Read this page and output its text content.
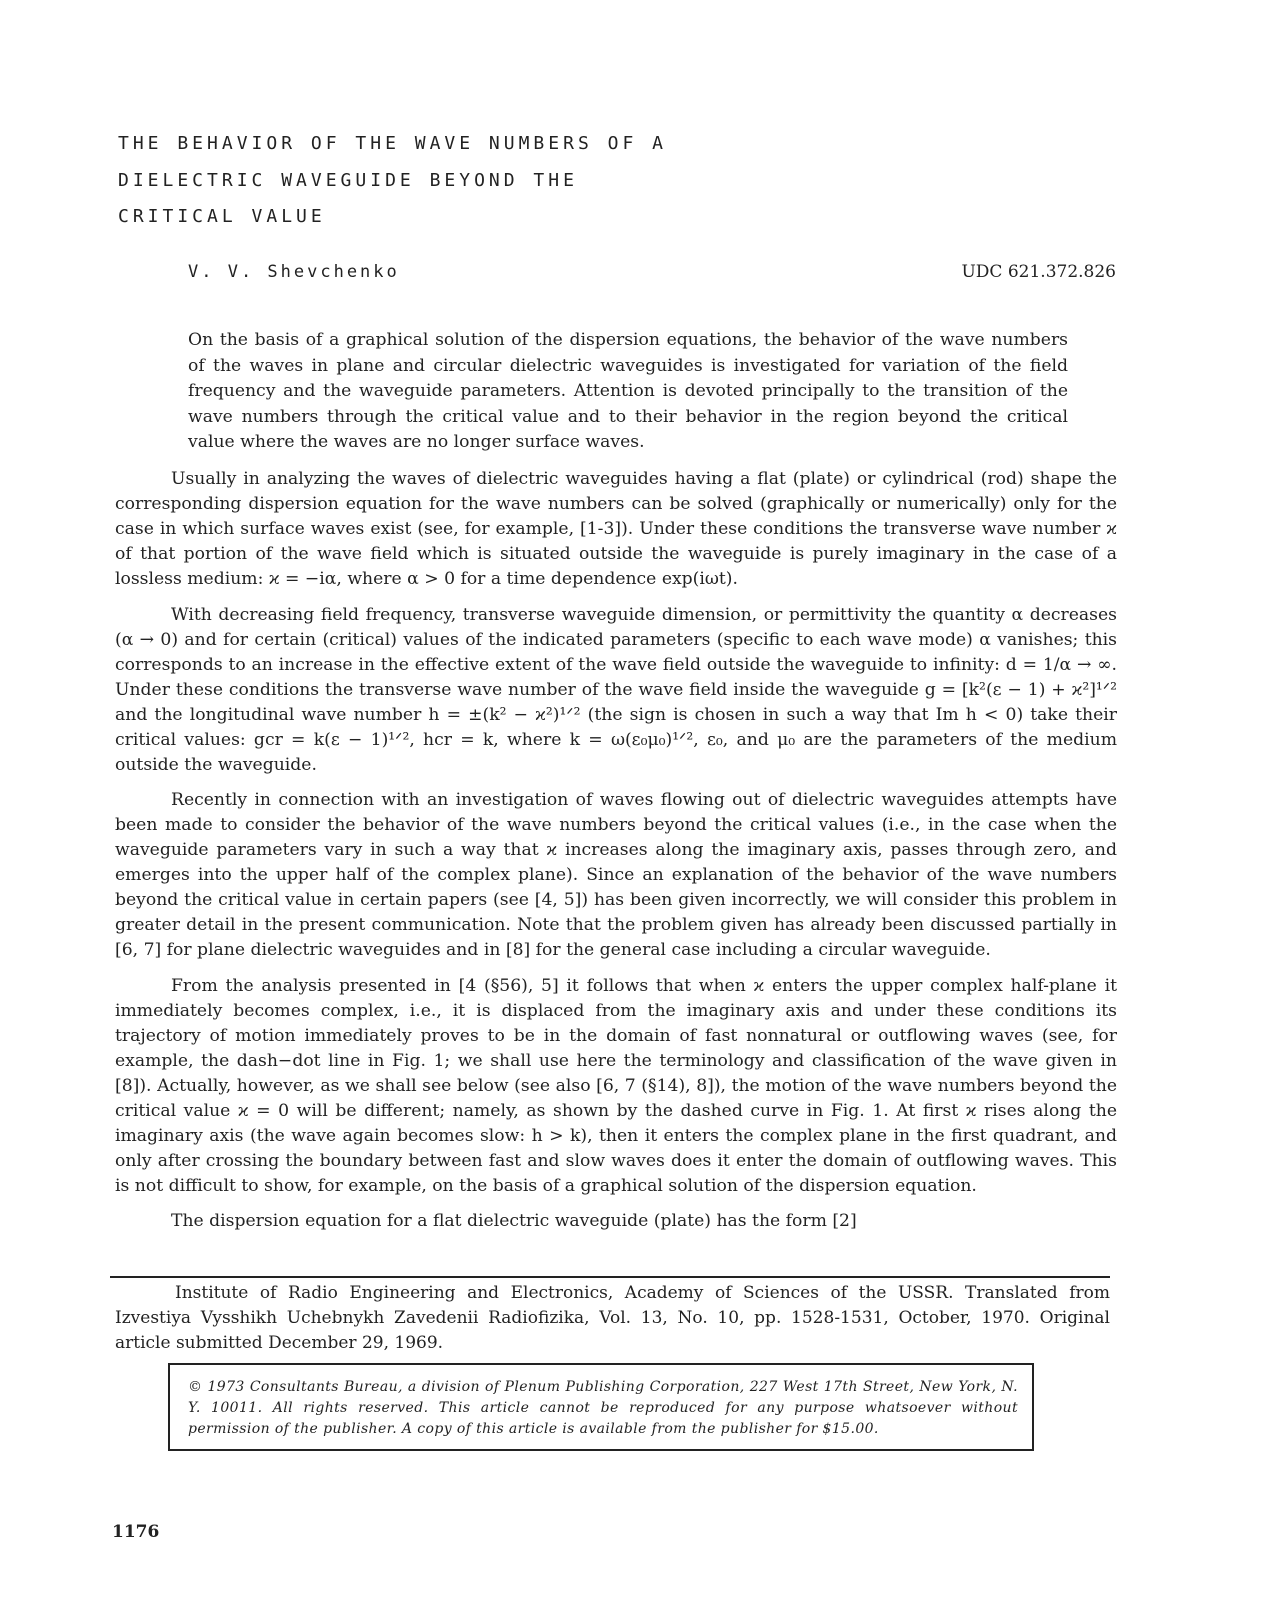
THE BEHAVIOR OF THE WAVE NUMBERS OF A
DIELECTRIC WAVEGUIDE BEYOND THE
CRITICAL VALUE
V. V. Shevchenko	UDC 621.372.826
On the basis of a graphical solution of the dispersion equations, the behavior of the wave numbers of the waves in plane and circular dielectric waveguides is investigated for variation of the field frequency and the waveguide parameters. Attention is devoted principally to the transition of the wave numbers through the critical value and to their behavior in the region beyond the critical value where the waves are no longer surface waves.

Usually in analyzing the waves of dielectric waveguides having a flat (plate) or cylindrical (rod) shape the corresponding dispersion equation for the wave numbers can be solved (graphically or numerically) only for the case in which surface waves exist (see, for example, [1-3]). Under these conditions the transverse wave number ϰ of that portion of the wave field which is situated outside the waveguide is purely imaginary in the case of a lossless medium: ϰ = −iα, where α > 0 for a time dependence exp(iωt).

With decreasing field frequency, transverse waveguide dimension, or permittivity the quantity α decreases (α → 0) and for certain (critical) values of the indicated parameters (specific to each wave mode) α vanishes; this corresponds to an increase in the effective extent of the wave field outside the waveguide to infinity: d = 1/α → ∞. Under these conditions the transverse wave number of the wave field inside the waveguide g = [k²(ε − 1) + ϰ²]¹ᐟ² and the longitudinal wave number h = ±(k² − ϰ²)¹ᐟ² (the sign is chosen in such a way that Im h < 0) take their critical values: gcr = k(ε − 1)¹ᐟ², hcr = k, where k = ω(ε₀μ₀)¹ᐟ², ε₀, and μ₀ are the parameters of the medium outside the waveguide.

Recently in connection with an investigation of waves flowing out of dielectric waveguides attempts have been made to consider the behavior of the wave numbers beyond the critical values (i.e., in the case when the waveguide parameters vary in such a way that ϰ increases along the imaginary axis, passes through zero, and emerges into the upper half of the complex plane). Since an explanation of the behavior of the wave numbers beyond the critical value in certain papers (see [4, 5]) has been given incorrectly, we will consider this problem in greater detail in the present communication. Note that the problem given has already been discussed partially in [6, 7] for plane dielectric waveguides and in [8] for the general case including a circular waveguide.

From the analysis presented in [4 (§56), 5] it follows that when ϰ enters the upper complex half-plane it immediately becomes complex, i.e., it is displaced from the imaginary axis and under these conditions its trajectory of motion immediately proves to be in the domain of fast nonnatural or outflowing waves (see, for example, the dash−dot line in Fig. 1; we shall use here the terminology and classification of the wave given in [8]). Actually, however, as we shall see below (see also [6, 7 (§14), 8]), the motion of the wave numbers beyond the critical value ϰ = 0 will be different; namely, as shown by the dashed curve in Fig. 1. At first ϰ rises along the imaginary axis (the wave again becomes slow: h > k), then it enters the complex plane in the first quadrant, and only after crossing the boundary between fast and slow waves does it enter the domain of outflowing waves. This is not difficult to show, for example, on the basis of a graphical solution of the dispersion equation.

The dispersion equation for a flat dielectric waveguide (plate) has the form [2]

Institute of Radio Engineering and Electronics, Academy of Sciences of the USSR. Translated from Izvestiya Vysshikh Uchebnykh Zavedenii Radiofizika, Vol. 13, No. 10, pp. 1528-1531, October, 1970. Original article submitted December 29, 1969.
© 1973 Consultants Bureau, a division of Plenum Publishing Corporation, 227 West 17th Street, New York, N. Y. 10011. All rights reserved. This article cannot be reproduced for any purpose whatsoever without permission of the publisher. A copy of this article is available from the publisher for $15.00.
1176
